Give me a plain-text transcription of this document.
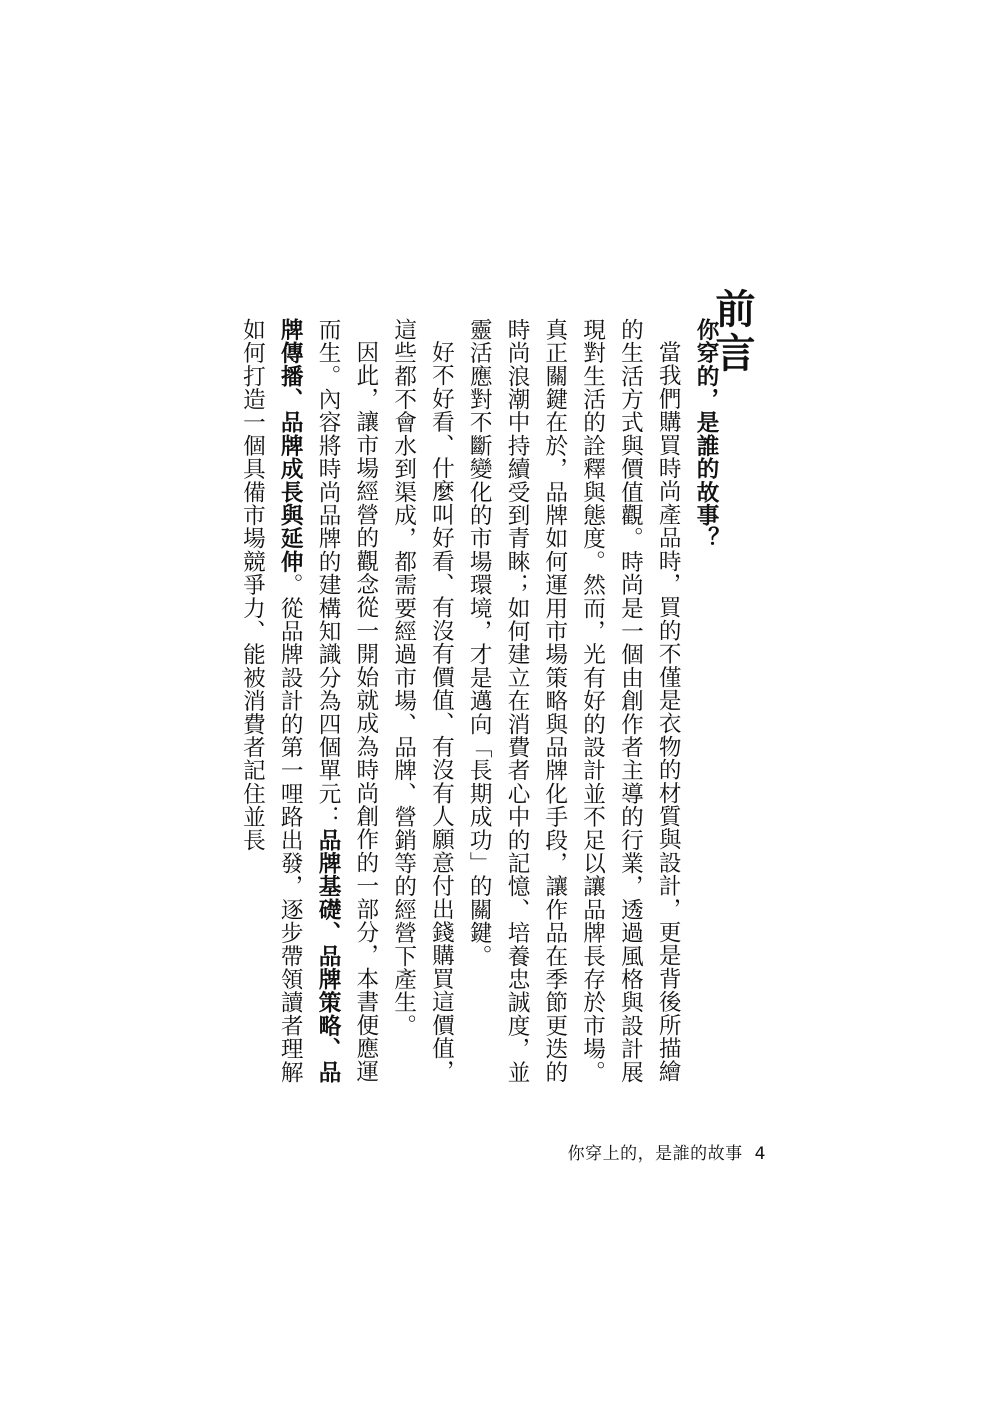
前言
你穿的，是誰的故事？
當我們購買時尚產品時，買的不僅是衣物的材質與設計，更是背後所描繪的生活方式與價值觀。時尚是一個由創作者主導的行業，透過風格與設計展現對生活的詮釋與態度。然而，光有好的設計並不足以讓品牌長存於市場。真正關鍵在於，品牌如何運用市場策略與品牌化手段，讓作品在季節更迭的時尚浪潮中持續受到青睞；如何建立在消費者心中的記憶、培養忠誠度，並靈活應對不斷變化的市場環境，才是邁向「長期成功」的關鍵。
好不好看、什麼叫好看、有沒有價值、有沒有人願意付出錢購買這價值，這些都不會水到渠成，都需要經過市場、品牌、營銷等的經營下產生。
因此，讓市場經營的觀念從一開始就成為時尚創作的一部分，本書便應運而生。內容將時尚品牌的建構知識分為四個單元：品牌基礎、品牌策略、品牌傳播、品牌成長與延伸。從品牌設計的第一哩路出發，逐步帶領讀者理解如何打造一個具備市場競爭力、能被消費者記住並長
你穿上的，是誰的故事 4
